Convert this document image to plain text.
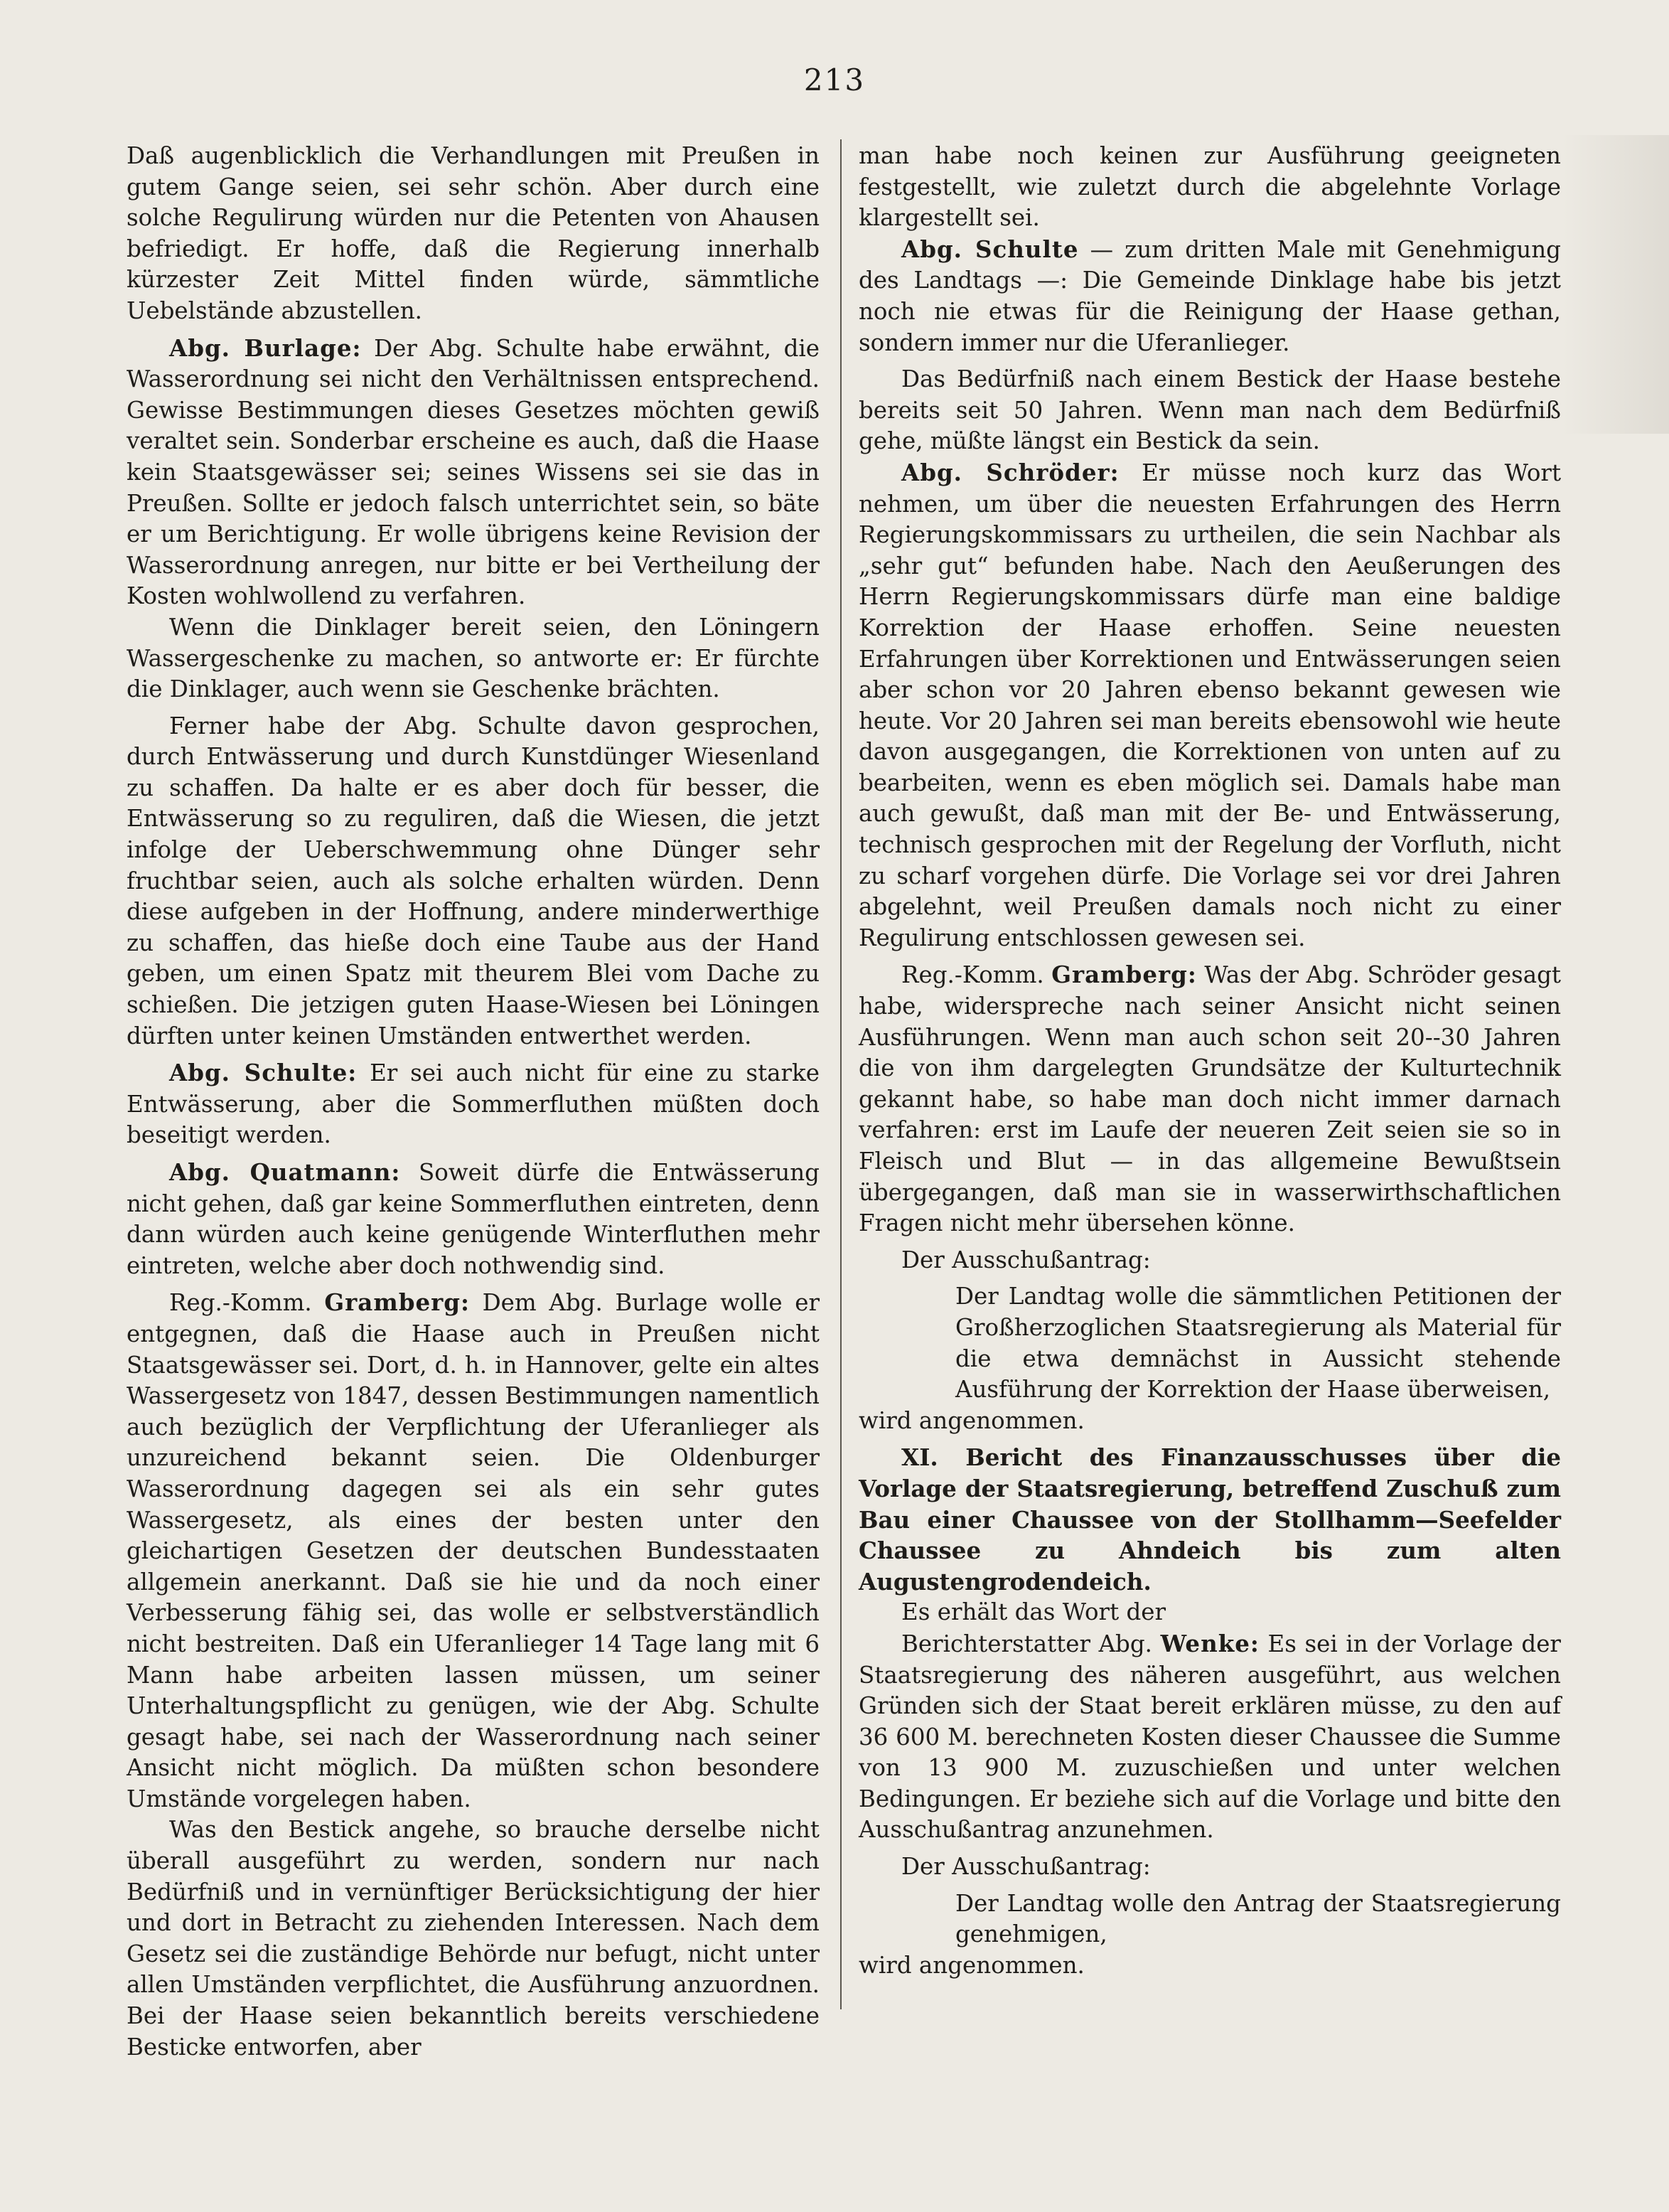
213

Daß augenblicklich die Verhandlungen mit Preußen in gutem Gange seien, sei sehr schön. Aber durch eine solche Regulirung würden nur die Petenten von Ahausen befriedigt. Er hoffe, daß die Regierung innerhalb kürzester Zeit Mittel finden würde, sämmtliche Uebelstände abzustellen.

Abg. Burlage: Der Abg. Schulte habe erwähnt, die Wasserordnung sei nicht den Verhältnissen entsprechend. Gewisse Bestimmungen dieses Gesetzes möchten gewiß veraltet sein. Sonderbar erscheine es auch, daß die Haase kein Staatsgewässer sei; seines Wissens sei sie das in Preußen. Sollte er jedoch falsch unterrichtet sein, so bäte er um Berichtigung. Er wolle übrigens keine Revision der Wasserordnung anregen, nur bitte er bei Vertheilung der Kosten wohlwollend zu verfahren.

Wenn die Dinklager bereit seien, den Löningern Wassergeschenke zu machen, so antworte er: Er fürchte die Dinklager, auch wenn sie Geschenke brächten.

Ferner habe der Abg. Schulte davon gesprochen, durch Entwässerung und durch Kunstdünger Wiesenland zu schaffen. Da halte er es aber doch für besser, die Entwässerung so zu reguliren, daß die Wiesen, die jetzt infolge der Ueberschwemmung ohne Dünger sehr fruchtbar seien, auch als solche erhalten würden. Denn diese aufgeben in der Hoffnung, andere minderwerthige zu schaffen, das hieße doch eine Taube aus der Hand geben, um einen Spatz mit theurem Blei vom Dache zu schießen. Die jetzigen guten Haase-Wiesen bei Löningen dürften unter keinen Umständen entwerthet werden.

Abg. Schulte: Er sei auch nicht für eine zu starke Entwässerung, aber die Sommerfluthen müßten doch beseitigt werden.

Abg. Quatmann: Soweit dürfe die Entwässerung nicht gehen, daß gar keine Sommerfluthen eintreten, denn dann würden auch keine genügende Winterfluthen mehr eintreten, welche aber doch nothwendig sind.

Reg.-Komm. Gramberg: Dem Abg. Burlage wolle er entgegnen, daß die Haase auch in Preußen nicht Staatsgewässer sei. Dort, d. h. in Hannover, gelte ein altes Wassergesetz von 1847, dessen Bestimmungen namentlich auch bezüglich der Verpflichtung der Uferanlieger als unzureichend bekannt seien. Die Oldenburger Wasserordnung dagegen sei als ein sehr gutes Wassergesetz, als eines der besten unter den gleichartigen Gesetzen der deutschen Bundesstaaten allgemein anerkannt. Daß sie hie und da noch einer Verbesserung fähig sei, das wolle er selbstverständlich nicht bestreiten. Daß ein Uferanlieger 14 Tage lang mit 6 Mann habe arbeiten lassen müssen, um seiner Unterhaltungspflicht zu genügen, wie der Abg. Schulte gesagt habe, sei nach der Wasserordnung nach seiner Ansicht nicht möglich. Da müßten schon besondere Umstände vorgelegen haben.

Was den Bestick angehe, so brauche derselbe nicht überall ausgeführt zu werden, sondern nur nach Bedürfniß und in vernünftiger Berücksichtigung der hier und dort in Betracht zu ziehenden Interessen. Nach dem Gesetz sei die zuständige Behörde nur befugt, nicht unter allen Umständen verpflichtet, die Ausführung anzuordnen. Bei der Haase seien bekanntlich bereits verschiedene Besticke entworfen, aber

man habe noch keinen zur Ausführung geeigneten festgestellt, wie zuletzt durch die abgelehnte Vorlage klargestellt sei.

Abg. Schulte — zum dritten Male mit Genehmigung des Landtags —: Die Gemeinde Dinklage habe bis jetzt noch nie etwas für die Reinigung der Haase gethan, sondern immer nur die Uferanlieger.

Das Bedürfniß nach einem Bestick der Haase bestehe bereits seit 50 Jahren. Wenn man nach dem Bedürfniß gehe, müßte längst ein Bestick da sein.

Abg. Schröder: Er müsse noch kurz das Wort nehmen, um über die neuesten Erfahrungen des Herrn Regierungskommissars zu urtheilen, die sein Nachbar als „sehr gut“ befunden habe. Nach den Aeußerungen des Herrn Regierungskommissars dürfe man eine baldige Korrektion der Haase erhoffen. Seine neuesten Erfahrungen über Korrektionen und Entwässerungen seien aber schon vor 20 Jahren ebenso bekannt gewesen wie heute. Vor 20 Jahren sei man bereits ebensowohl wie heute davon ausgegangen, die Korrektionen von unten auf zu bearbeiten, wenn es eben möglich sei. Damals habe man auch gewußt, daß man mit der Be- und Entwässerung, technisch gesprochen mit der Regelung der Vorfluth, nicht zu scharf vorgehen dürfe. Die Vorlage sei vor drei Jahren abgelehnt, weil Preußen damals noch nicht zu einer Regulirung entschlossen gewesen sei.

Reg.-Komm. Gramberg: Was der Abg. Schröder gesagt habe, widerspreche nach seiner Ansicht nicht seinen Ausführungen. Wenn man auch schon seit 20--30 Jahren die von ihm dargelegten Grundsätze der Kulturtechnik gekannt habe, so habe man doch nicht immer darnach verfahren: erst im Laufe der neueren Zeit seien sie so in Fleisch und Blut — in das allgemeine Bewußtsein übergegangen, daß man sie in wasserwirthschaftlichen Fragen nicht mehr übersehen könne.

Der Ausschußantrag:

Der Landtag wolle die sämmtlichen Petitionen der Großherzoglichen Staatsregierung als Material für die etwa demnächst in Aussicht stehende Ausführung der Korrektion der Haase überweisen,

wird angenommen.

XI. Bericht des Finanzausschusses über die Vorlage der Staatsregierung, betreffend Zuschuß zum Bau einer Chaussee von der Stollhamm—Seefelder Chaussee zu Ahndeich bis zum alten Augustengrodendeich.

Es erhält das Wort der

Berichterstatter Abg. Wenke: Es sei in der Vorlage der Staatsregierung des näheren ausgeführt, aus welchen Gründen sich der Staat bereit erklären müsse, zu den auf 36 600 M. berechneten Kosten dieser Chaussee die Summe von 13 900 M. zuzuschießen und unter welchen Bedingungen. Er beziehe sich auf die Vorlage und bitte den Ausschußantrag anzunehmen.

Der Ausschußantrag:

Der Landtag wolle den Antrag der Staatsregierung genehmigen,

wird angenommen.
